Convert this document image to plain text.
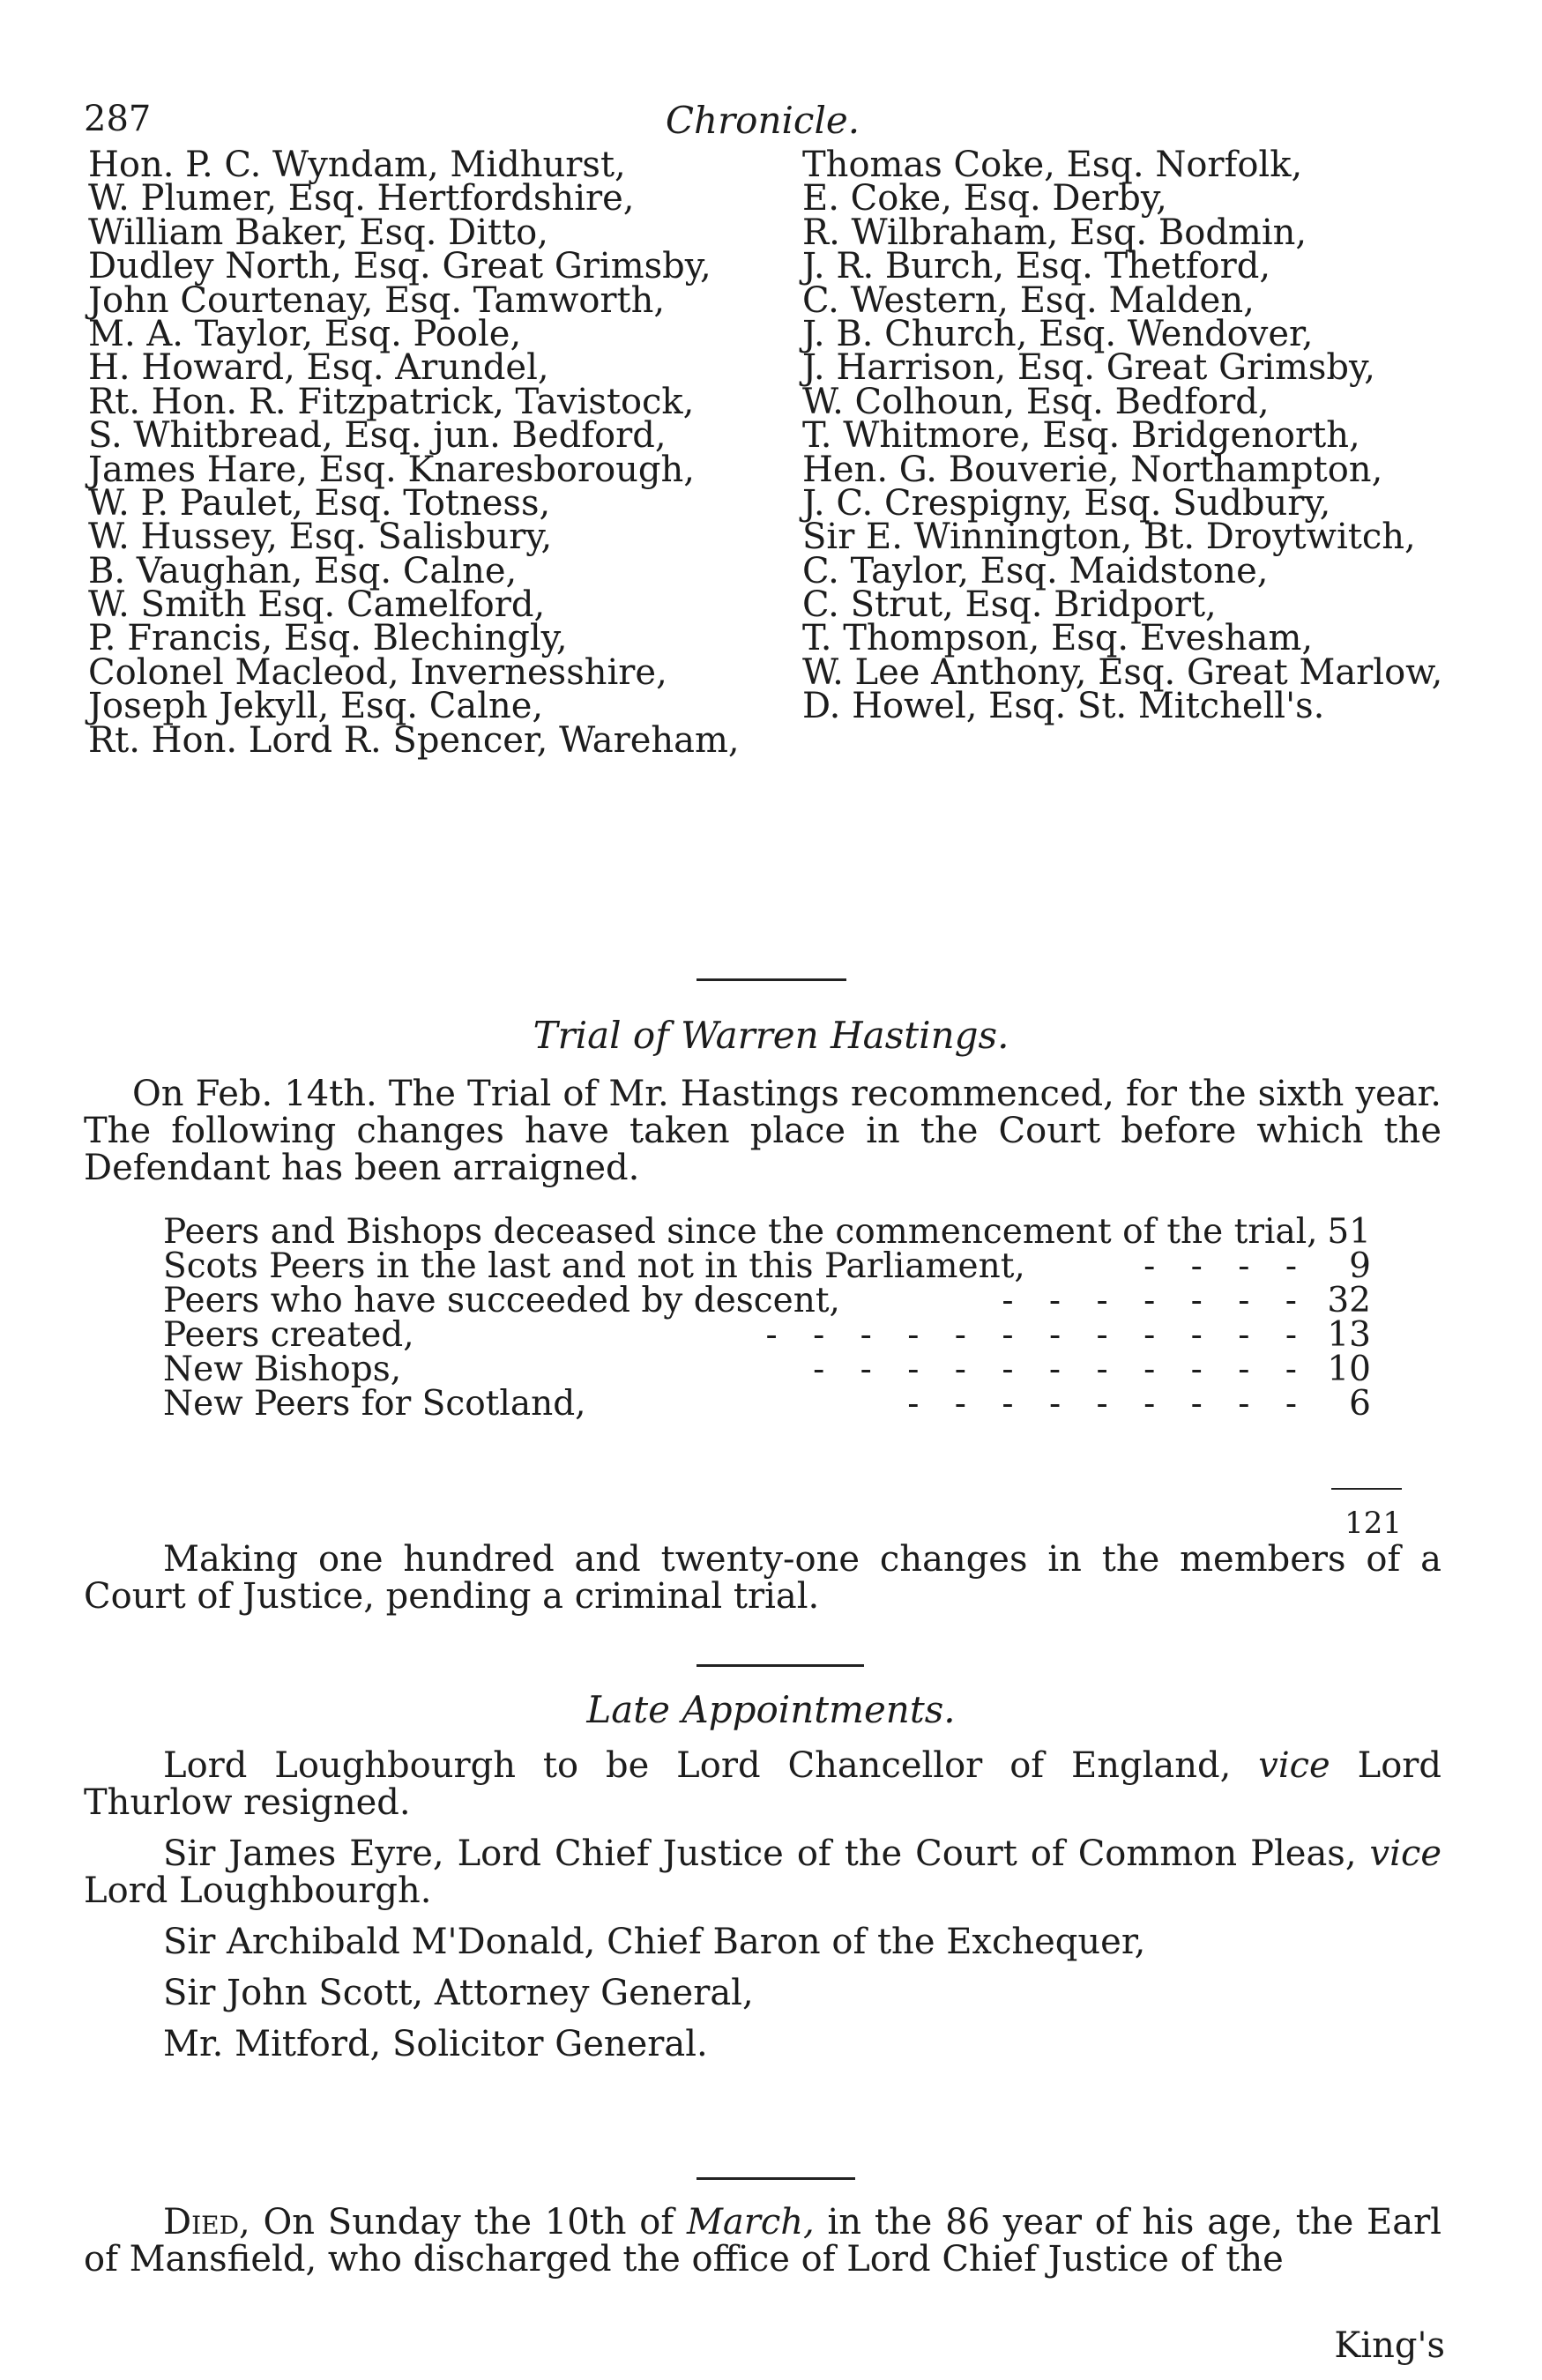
287	Chronicle.
Hon. P. C. Wyndam, Midhurst,
W. Plumer, Esq. Hertfordshire,
William Baker, Esq. Ditto,
Dudley North, Esq. Great Grimsby,
John Courtenay, Esq. Tamworth,
M. A. Taylor, Esq. Poole,
H. Howard, Esq. Arundel,
Rt. Hon. R. Fitzpatrick, Tavistock,
S. Whitbread, Esq. jun. Bedford,
James Hare, Esq. Knaresborough,
W. P. Paulet, Esq. Totness,
W. Hussey, Esq. Salisbury,
B. Vaughan, Esq. Calne,
W. Smith Esq. Camelford,
P. Francis, Esq. Blechingly,
Colonel Macleod, Invernesshire,
Joseph Jekyll, Esq. Calne,
Rt. Hon. Lord R. Spencer, Wareham,
Thomas Coke, Esq. Norfolk,
E. Coke, Esq. Derby,
R. Wilbraham, Esq. Bodmin,
J. R. Burch, Esq. Thetford,
C. Western, Esq. Malden,
J. B. Church, Esq. Wendover,
J. Harrison, Esq. Great Grimsby,
W. Colhoun, Esq. Bedford,
T. Whitmore, Esq. Bridgenorth,
Hen. G. Bouverie, Northampton,
J. C. Crespigny, Esq. Sudbury,
Sir E. Winnington, Bt. Droytwitch,
C. Taylor, Esq. Maidstone,
C. Strut, Esq. Bridport,
T. Thompson, Esq. Evesham,
W. Lee Anthony, Esq. Great Marlow,
D. Howel, Esq. St. Mitchell's.
Trial of Warren Hastings.
On Feb. 14th. The Trial of Mr. Hastings recommenced, for the sixth year. The following changes have taken place in the Court before which the Defendant has been arraigned.
Peers and Bishops deceased since the commencement of the trial, 51
Scots Peers in the last and not in this Parliament,	- - - -	9
Peers who have succeeded by descent,	- - - - - - - 32
Peers created,	- - - - - - - - - - - - 13
New Bishops,	- - - - - - - - - - - 10
New Peers for Scotland,	- - - - - - - - -	6
121
Making one hundred and twenty-one changes in the members of a Court of Justice, pending a criminal trial.
Late Appointments.

Lord Loughbourgh to be Lord Chancellor of England, vice Lord Thurlow resigned.

Sir James Eyre, Lord Chief Justice of the Court of Common Pleas, vice Lord Loughbourgh.

Sir Archibald M'Donald, Chief Baron of the Exchequer,

Sir John Scott, Attorney General,

Mr. Mitford, Solicitor General.

Died, On Sunday the 10th of March, in the 86 year of his age, the Earl of Mansfield, who discharged the office of Lord Chief Justice of the
King's
